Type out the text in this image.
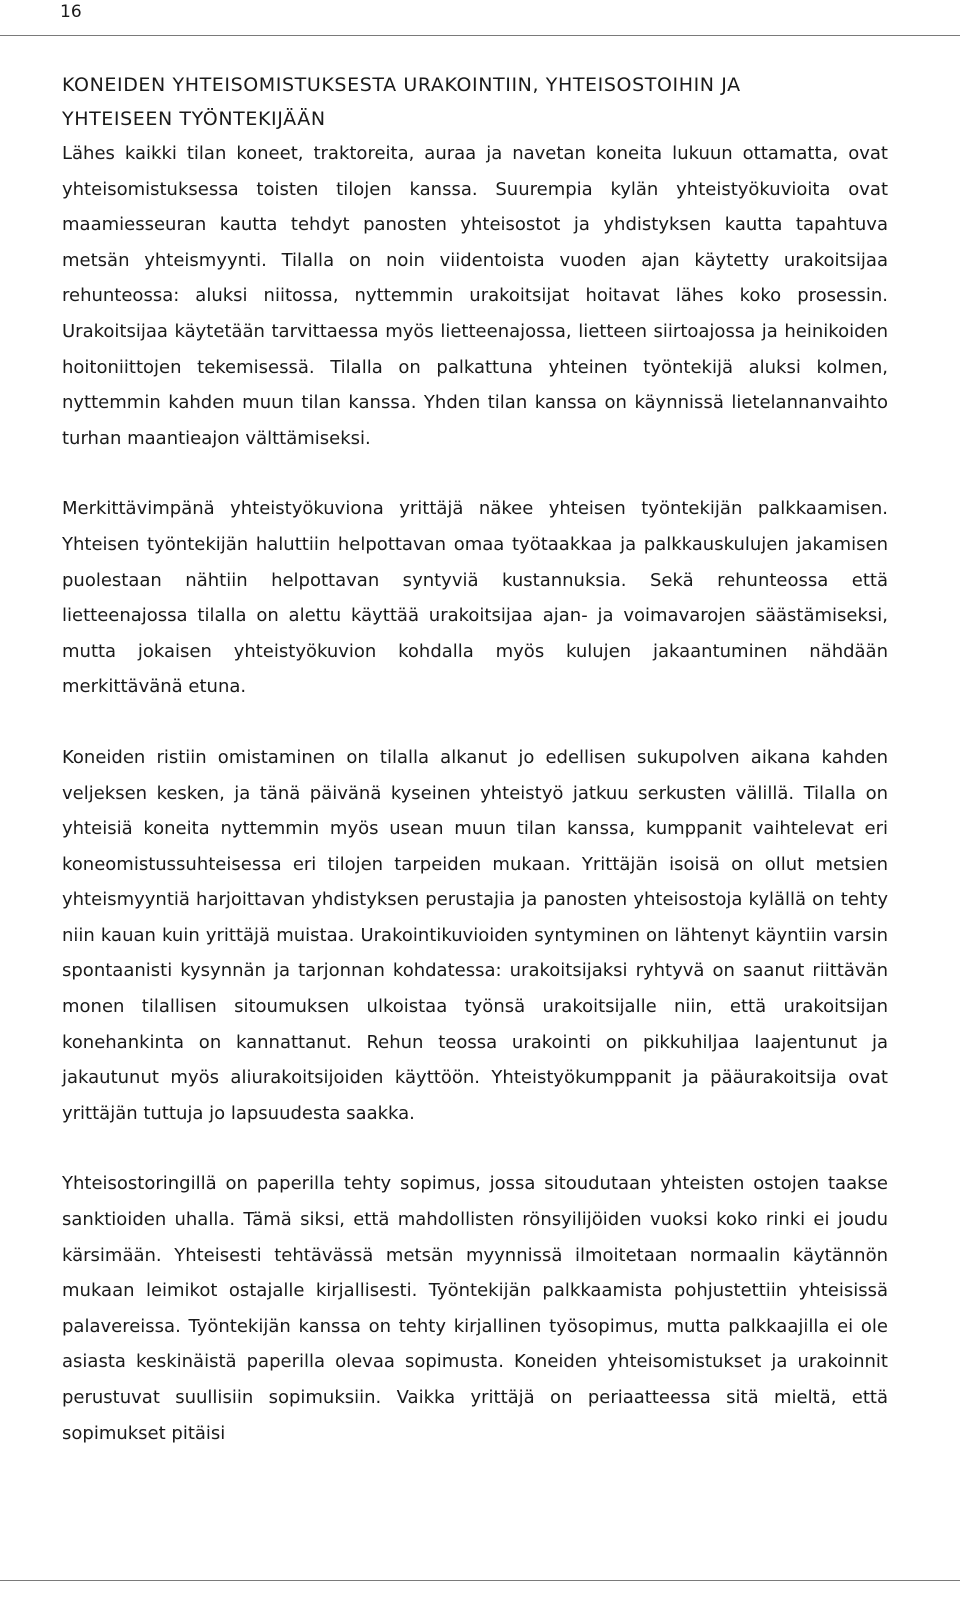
16
KONEIDEN YHTEISOMISTUKSESTA URAKOINTIIN, YHTEISOSTOIHIN JA
YHTEISEEN TYÖNTEKIJÄÄN

Lähes kaikki tilan koneet, traktoreita, auraa ja navetan koneita lukuun ottamatta, ovat yhteisomistuksessa toisten tilojen kanssa. Suurempia kylän yhteistyökuvioita ovat maamiesseuran kautta tehdyt panosten yhteisostot ja yhdistyksen kautta tapahtuva metsän yhteismyynti. Tilalla on noin viidentoista vuoden ajan käytetty urakoitsijaa rehunteossa: aluksi niitossa, nyttemmin urakoitsijat hoitavat lähes koko prosessin. Urakoitsijaa käytetään tarvittaessa myös lietteenajossa, lietteen siirtoajossa ja heinikoiden hoitoniittojen tekemisessä. Tilalla on palkattuna yhteinen työntekijä aluksi kolmen, nyttemmin kahden muun tilan kanssa. Yhden tilan kanssa on käynnissä lietelannanvaihto turhan maantieajon välttämiseksi.

Merkittävimpänä yhteistyökuviona yrittäjä näkee yhteisen työntekijän palkkaamisen. Yhteisen työntekijän haluttiin helpottavan omaa työtaakkaa ja palkkauskulujen jakamisen puolestaan nähtiin helpottavan syntyviä kustannuksia. Sekä rehunteossa että lietteenajossa tilalla on alettu käyttää urakoitsijaa ajan- ja voimavarojen säästämiseksi, mutta jokaisen yhteistyökuvion kohdalla myös kulujen jakaantuminen nähdään merkittävänä etuna.

Koneiden ristiin omistaminen on tilalla alkanut jo edellisen sukupolven aikana kahden veljeksen kesken, ja tänä päivänä kyseinen yhteistyö jatkuu serkusten välillä. Tilalla on yhteisiä koneita nyttemmin myös usean muun tilan kanssa, kumppanit vaihtelevat eri koneomistussuhteisessa eri tilojen tarpeiden mukaan. Yrittäjän isoisä on ollut metsien yhteismyyntiä harjoittavan yhdistyksen perustajia ja panosten yhteisostoja kylällä on tehty niin kauan kuin yrittäjä muistaa. Urakointikuvioiden syntyminen on lähtenyt käyntiin varsin spontaanisti kysynnän ja tarjonnan kohdatessa: urakoitsijaksi ryhtyvä on saanut riittävän monen tilallisen sitoumuksen ulkoistaa työnsä urakoitsijalle niin, että urakoitsijan konehankinta on kannattanut. Rehun teossa urakointi on pikkuhiljaa laajentunut ja jakautunut myös aliurakoitsijoiden käyttöön. Yhteistyökumppanit ja pääurakoitsija ovat yrittäjän tuttuja jo lapsuudesta saakka.

Yhteisostoringillä on paperilla tehty sopimus, jossa sitoudutaan yhteisten ostojen taakse sanktioiden uhalla. Tämä siksi, että mahdollisten rönsyilijöiden vuoksi koko rinki ei joudu kärsimään. Yhteisesti tehtävässä metsän myynnissä ilmoitetaan normaalin käytännön mukaan leimikot ostajalle kirjallisesti. Työntekijän palkkaamista pohjustettiin yhteisissä palavereissa. Työntekijän kanssa on tehty kirjallinen työsopimus, mutta palkkaajilla ei ole asiasta keskinäistä paperilla olevaa sopimusta. Koneiden yhteisomistukset ja urakoinnit perustuvat suullisiin sopimuksiin. Vaikka yrittäjä on periaatteessa sitä mieltä, että sopimukset pitäisi
